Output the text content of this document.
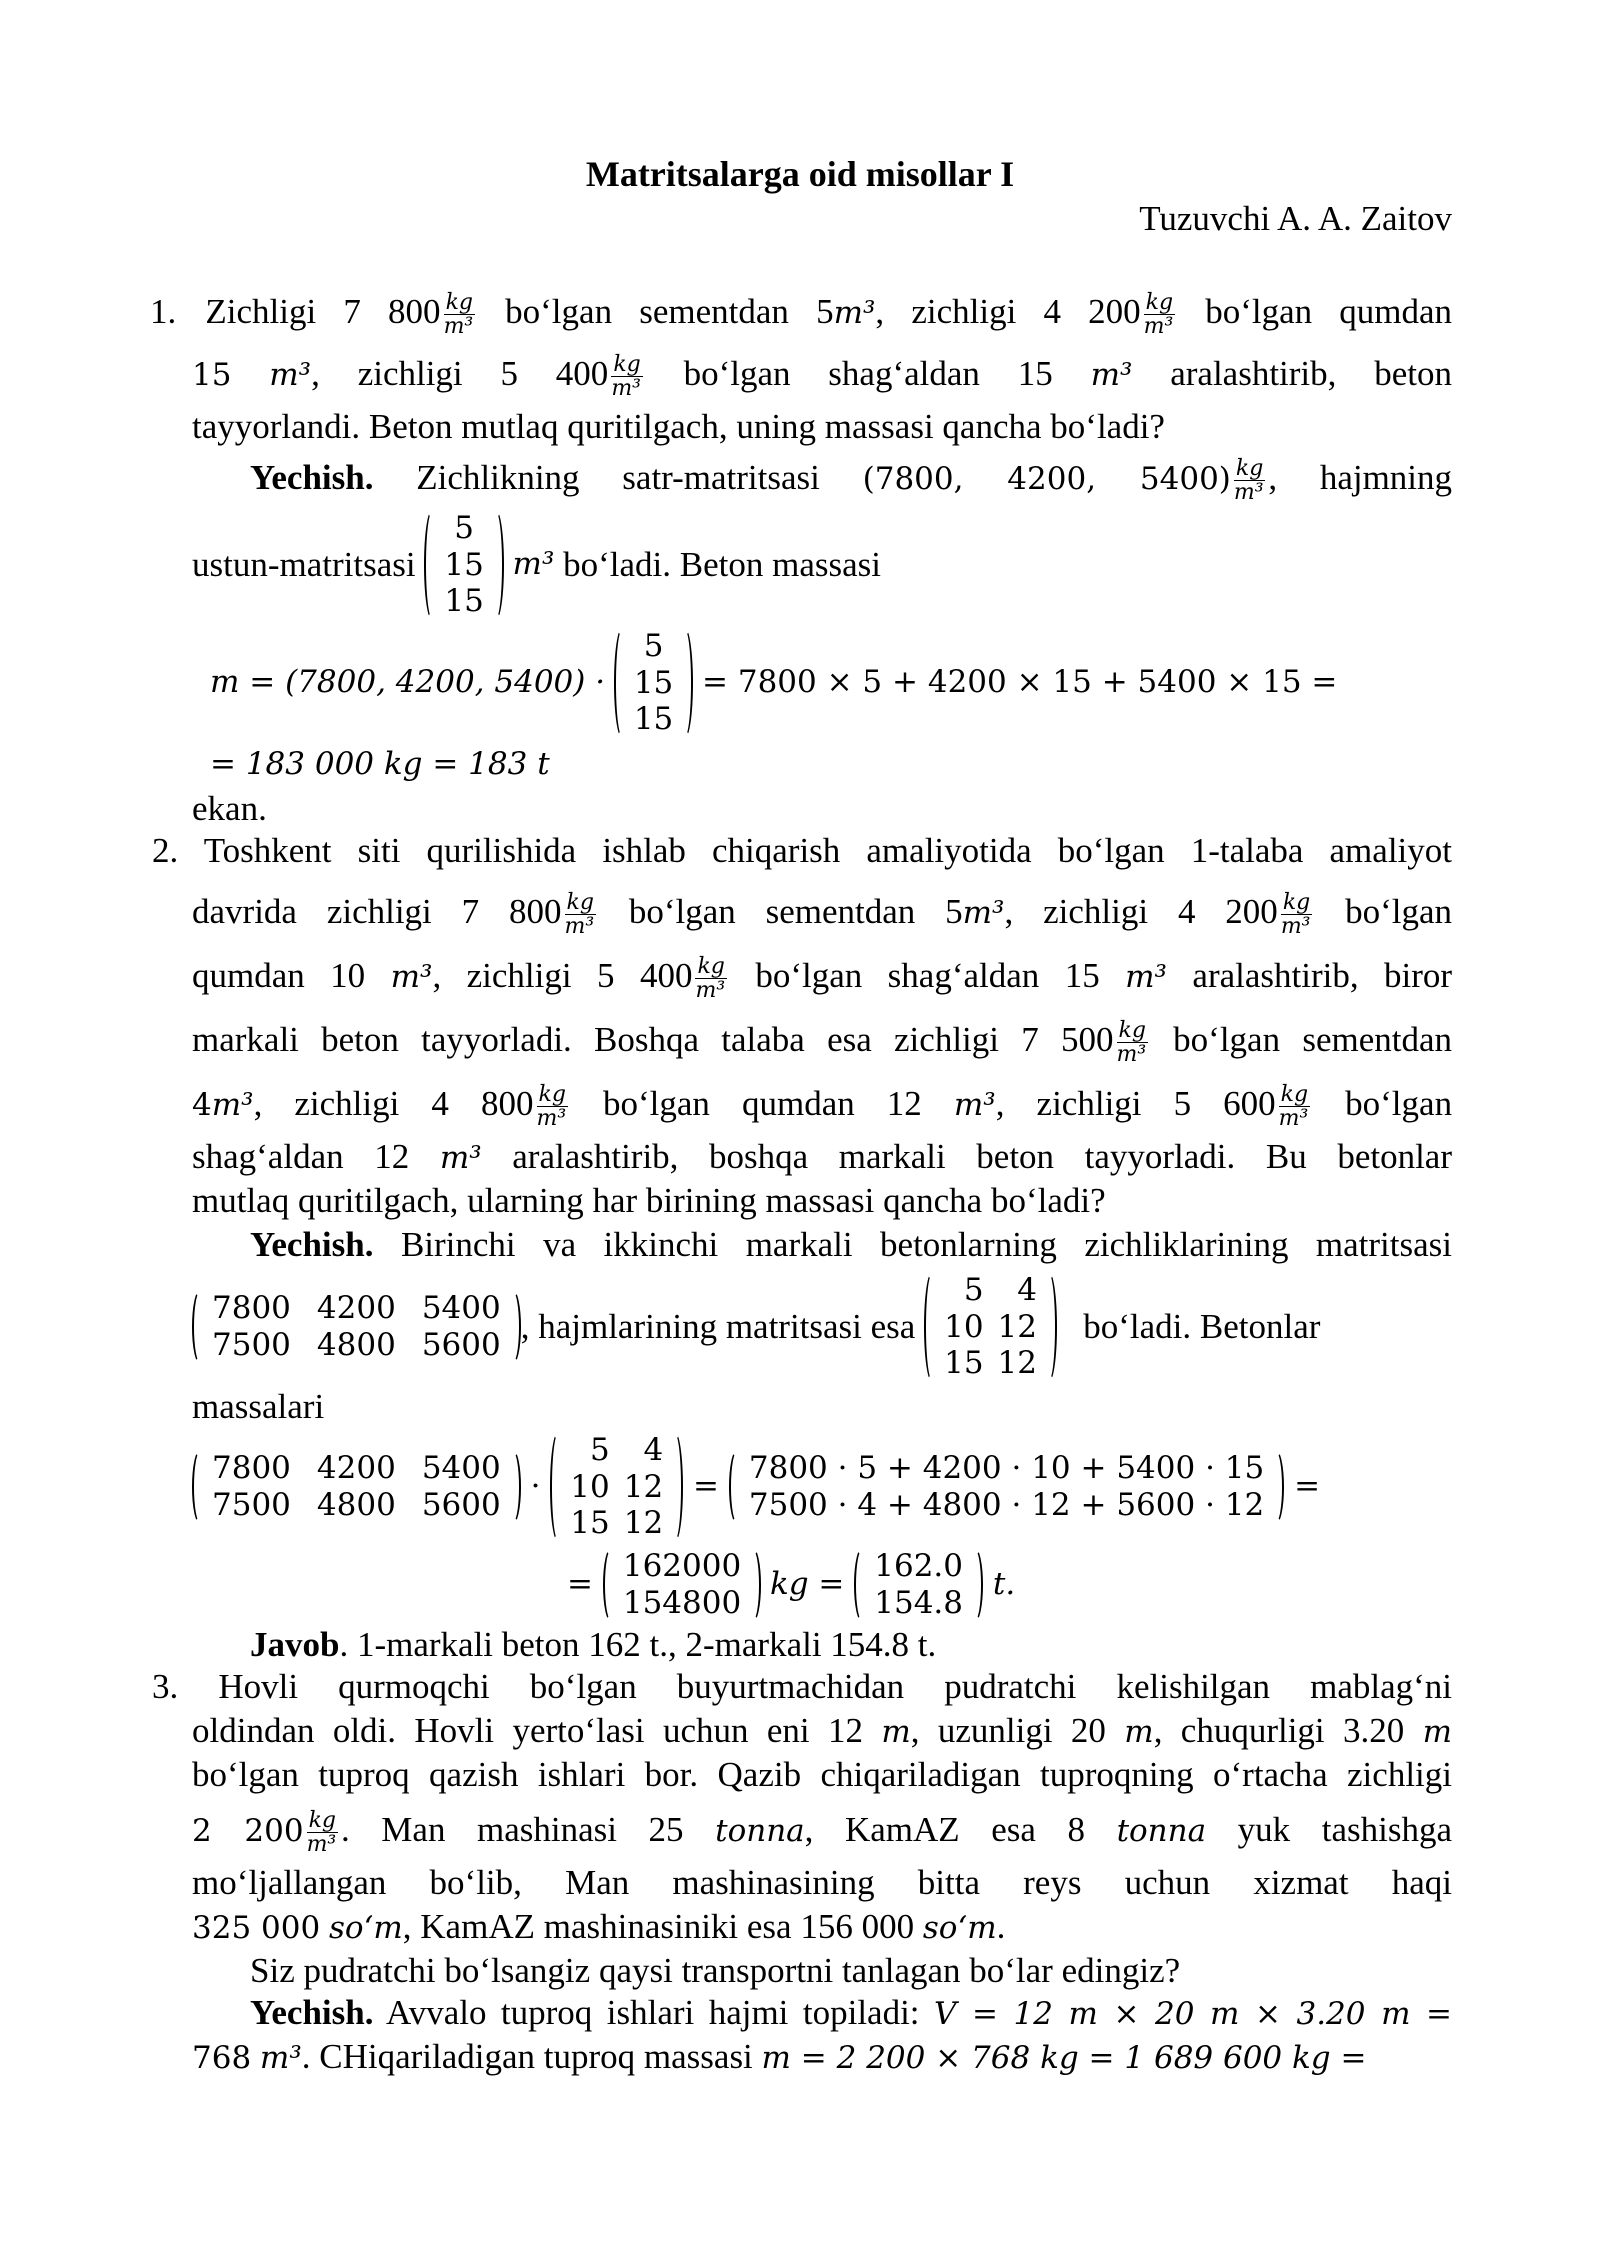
Matritsalarga oid misollar I
Tuzuvchi A. A. Zaitov
1. Zichligi 7 $800 \frac{kg}{\text{m³}}$ bo‘lgan sementdan 5m³, zichligi 4 $200 \frac{kg}{\text{m³}}$ bo‘lgan qumdan
15 m³, zichligi 5 $400 \frac{kg}{\text{m³}}$ bo‘lgan shag‘aldan 15 m³ aralashtirib, beton
tayyorlandi. Beton mutlaq quritilgach, uning massasi qancha bo‘ladi?
Yechish. Zichlikning satr-matritsasi (7800, 4200, $5400) \frac{kg}{\text{m³}}$ , hajmning
ustun-matritsasi

5
15
15

m³
bo‘ladi. Beton massasi
m = (7800, 4200, 5400) ·

5
15
15

= 7800 × 5 + 4200 × 15 + 5400 × 15 =
= 183 000 kg = 183 t
ekan.
2. Toshkent siti qurilishida ishlab chiqarish amaliyotida bo‘lgan 1-talaba amaliyot
davrida zichligi 7 $800 \frac{kg}{\text{m³}}$ bo‘lgan sementdan 5m³, zichligi 4 $200 \frac{kg}{\text{m³}}$ bo‘lgan
qumdan 10 m³, zichligi 5 $400 \frac{kg}{\text{m³}}$ bo‘lgan shag‘aldan 15 m³ aralashtirib, biror
markali beton tayyorladi. Boshqa talaba esa zichligi 7 $500 \frac{kg}{\text{m³}}$ bo‘lgan sementdan
4m³, zichligi 4 $800 \frac{kg}{\text{m³}}$ bo‘lgan qumdan 12 m³, zichligi 5 $600 \frac{kg}{\text{m³}}$ bo‘lgan
shag‘aldan 12 m³ aralashtirib, boshqa markali beton tayyorladi. Bu betonlar
mutlaq quritilgach, ularning har birining massasi qancha bo‘ladi?
Yechish. Birinchi va ikkinchi markali betonlarning zichliklarining matritsasi
7800 4200 5400
7500 4800 5600 , hajmlarining matritsasi esa

5	4
10 12
15 12

bo‘ladi. Betonlar
massalari
7800 4200 5400
7500 4800 5600
·
5	4
10 12
15 12
= 7800 · 5 + 4200 · 10 + 5400 · 15
7500 · 4 + 4800 · 12 + 5600 · 12
=
= 162000
154800

kg = 162.0
154.8
t.
Javob. 1-markali beton 162 t., 2-markali 154.8 t.
3. Hovli qurmoqchi bo‘lgan buyurtmachidan pudratchi kelishilgan mablag‘ni
oldindan oldi. Hovli yerto‘lasi uchun eni 12 m, uzunligi 20 m, chuqurligi 3.20 m
bo‘lgan tuproq qazish ishlari bor. Qazib chiqariladigan tuproqning o‘rtacha zichligi
2 $200 \frac{kg}{\text{m³}}$ . Man mashinasi 25 tonna, KamAZ esa 8 tonna yuk tashishga
mo‘ljallangan bo‘lib, Man mashinasining bitta reys uchun xizmat haqi
325 000 so‘m, KamAZ mashinasiniki esa 156 000 so‘m.
Siz pudratchi bo‘lsangiz qaysi transportni tanlagan bo‘lar edingiz?
Yechish. Avvalo tuproq ishlari hajmi topiladi: V = 12 m × 20 m × 3.20 m =
768 m³. CHiqariladigan tuproq massasi m = 2 200 × 768 kg = 1 689 600 kg =
